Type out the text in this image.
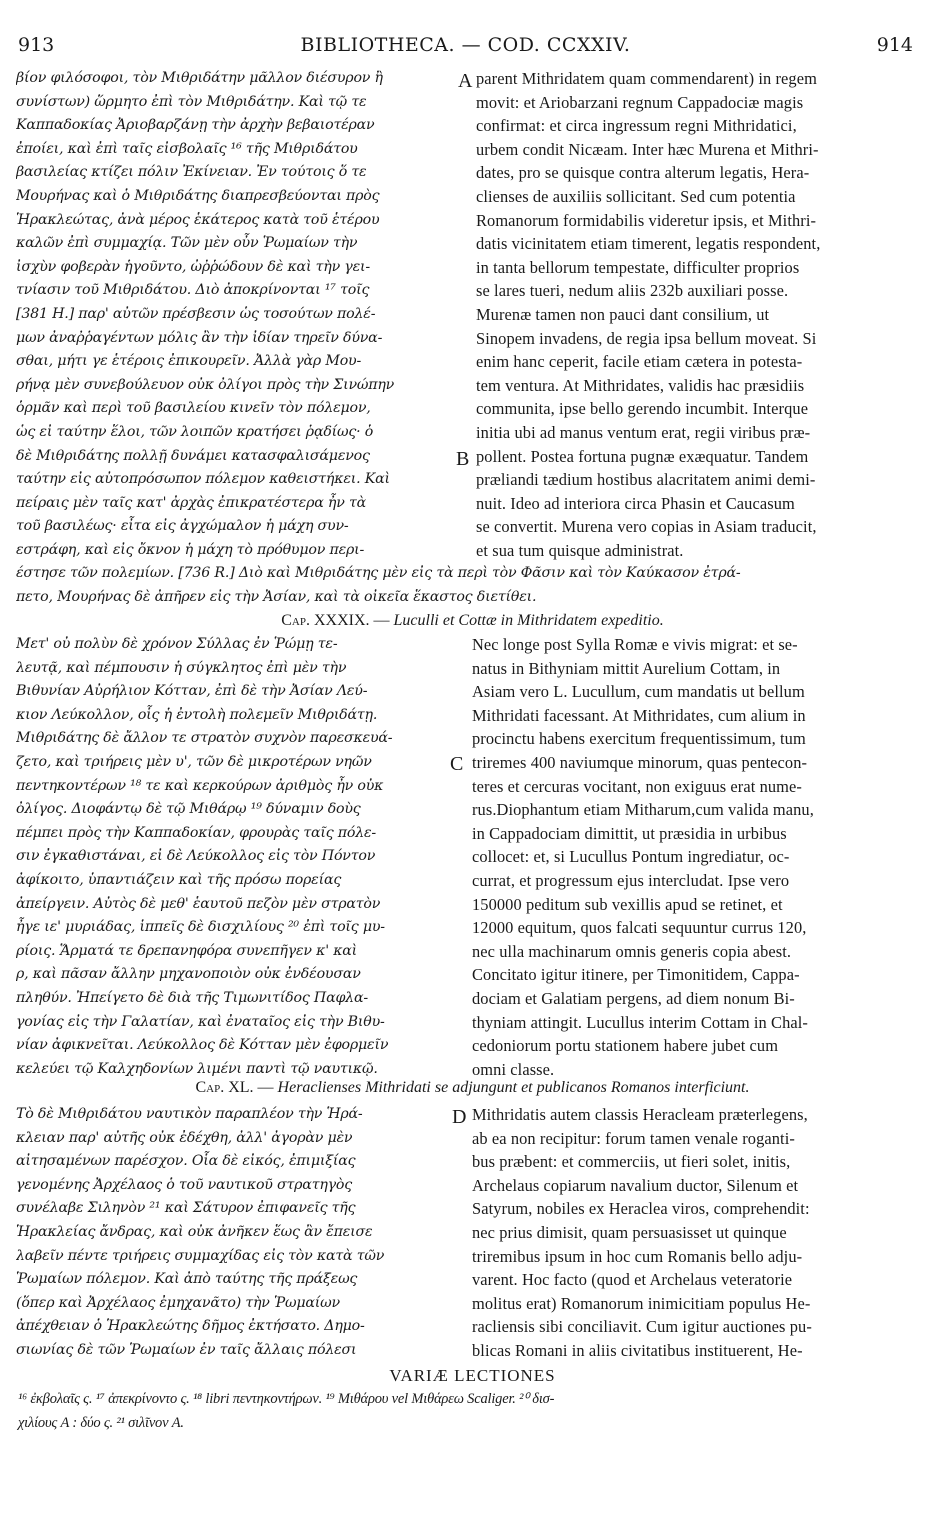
913	BIBLIOTHECA. — COD. CCXXIV.	914
βίον φιλόσοφοι, τὸν Μιθριδάτην μᾶλλον διέσυρον ἢ
συνίστων) ὥρμητο ἐπὶ τὸν Μιθριδάτην. Καὶ τῷ τε
Καππαδοκίας Ἀριοβαρζάνῃ τὴν ἀρχὴν βεβαιοτέραν
ἐποίει, καὶ ἐπὶ ταῖς εἰσβολαῖς ¹⁶ τῆς Μιθριδάτου
βασιλείας κτίζει πόλιν Ἐκίνειαν. Ἐν τούτοις ὅ τε
Μουρήνας καὶ ὁ Μιθριδάτης διαπρεσβεύονται πρὸς
Ἡρακλεώτας, ἀνὰ μέρος ἑκάτερος κατὰ τοῦ ἑτέρου
καλῶν ἐπὶ συμμαχίᾳ. Τῶν μὲν οὖν Ῥωμαίων τὴν
ἰσχὺν φοβερὰν ἡγοῦντο, ὠῤῥώδουν δὲ καὶ τὴν γει-
τνίασιν τοῦ Μιθριδάτου. Διὸ ἀποκρίνονται ¹⁷ τοῖς
[381 H.] παρ' αὐτῶν πρέσβεσιν ὡς τοσούτων πολέ-
μων ἀναῤῥαγέντων μόλις ἂν τὴν ἰδίαν τηρεῖν δύνα-
σθαι, μήτι γε ἑτέροις ἐπικουρεῖν. Ἀλλὰ γὰρ Μου-
ρήνᾳ μὲν συνεβούλευον οὐκ ὀλίγοι πρὸς τὴν Σινώπην
ὁρμᾶν καὶ περὶ τοῦ βασιλείου κινεῖν τὸν πόλεμον,
ὡς εἰ ταύτην ἕλοι, τῶν λοιπῶν κρατήσει ῥᾳδίως· ὁ
δὲ Μιθριδάτης πολλῇ δυνάμει κατασφαλισάμενος
ταύτην εἰς αὐτοπρόσωπον πόλεμον καθειστήκει. Καὶ
πείραις μὲν ταῖς κατ' ἀρχὰς ἐπικρατέστερα ἦν τὰ
τοῦ βασιλέως· εἶτα εἰς ἀγχώμαλον ἡ μάχη συν-
εστράφη, καὶ εἰς ὄκνον ἡ μάχη τὸ πρόθυμον περι-
έστησε τῶν πολεμίων. [736 R.] Διὸ καὶ Μιθριδάτης μὲν εἰς τὰ περὶ τὸν Φᾶσιν καὶ τὸν Καύκασον ἐτρά-
πετο, Μουρήνας δὲ ἀπῆρεν εἰς τὴν Ἀσίαν, καὶ τὰ οἰκεῖα ἕκαστος διετίθει.
parent Mithridatem quam commendarent) in regem
movit: et Ariobarzani regnum Cappadociæ magis
confirmat: et circa ingressum regni Mithridatici,
urbem condit Nicæam. Inter hæc Murena et Mithri-
dates, pro se quisque contra alterum legatis, Hera-
clienses de auxiliis sollicitant. Sed cum potentia
Romanorum formidabilis videretur ipsis, et Mithri-
datis vicinitatem etiam timerent, legatis respondent,
in tanta bellorum tempestate, difficulter proprios
se lares tueri, nedum aliis 232b auxiliari posse.
Murenæ tamen non pauci dant consilium, ut
Sinopem invadens, de regia ipsa bellum moveat. Si
enim hanc ceperit, facile etiam cætera in potesta-
tem ventura. At Mithridates, validis hac præsidiis
communita, ipse bello gerendo incumbit. Interque
initia ubi ad manus ventum erat, regii viribus præ-
pollent. Postea fortuna pugnæ exæquatur. Tandem
præliandi tædium hostibus alacritatem animi demi-
nuit. Ideo ad interiora circa Phasin et Caucasum
se convertit. Murena vero copias in Asiam traducit,
et sua tum quisque administrat.
A
B
Cap. XXXIX. — Luculli et Cottæ in Mithridatem expeditio.
Μετ' οὐ πολὺν δὲ χρόνον Σύλλας ἐν Ῥώμῃ τε-
λευτᾷ, καὶ πέμπουσιν ἡ σύγκλητος ἐπὶ μὲν τὴν
Βιθυνίαν Αὐρήλιον Κότταν, ἐπὶ δὲ τὴν Ἀσίαν Λεύ-
κιον Λεύκολλον, οἷς ἡ ἐντολὴ πολεμεῖν Μιθριδάτῃ.
Μιθριδάτης δὲ ἄλλον τε στρατὸν συχνὸν παρεσκευά-
ζετο, καὶ τριήρεις μὲν υ', τῶν δὲ μικροτέρων νηῶν
πεντηκοντέρων ¹⁸ τε καὶ κερκούρων ἀριθμὸς ἦν οὐκ
ὀλίγος. Διοφάντῳ δὲ τῷ Μιθάρῳ ¹⁹ δύναμιν δοὺς
πέμπει πρὸς τὴν Καππαδοκίαν, φρουρὰς ταῖς πόλε-
σιν ἐγκαθιστάναι, εἰ δὲ Λεύκολλος εἰς τὸν Πόντον
ἀφίκοιτο, ὑπαντιάζειν καὶ τῆς πρόσω πορείας
ἀπείργειν. Αὐτὸς δὲ μεθ' ἑαυτοῦ πεζὸν μὲν στρατὸν
ἦγε ιε' μυριάδας, ἱππεῖς δὲ δισχιλίους ²⁰ ἐπὶ τοῖς μυ-
ρίοις. Ἅρματά τε δρεπανηφόρα συνεπῆγεν κ' καὶ
ρ, καὶ πᾶσαν ἄλλην μηχανοποιὸν οὐκ ἐνδέουσαν
πληθύν. Ἠπείγετο δὲ διὰ τῆς Τιμωνιτίδος Παφλα-
γονίας εἰς τὴν Γαλατίαν, καὶ ἐναταῖος εἰς τὴν Βιθυ-
νίαν ἀφικνεῖται. Λεύκολλος δὲ Κότταν μὲν ἐφορμεῖν
κελεύει τῷ Καλχηδονίων λιμένι παντὶ τῷ ναυτικῷ.
Nec longe post Sylla Romæ e vivis migrat: et se-
natus in Bithyniam mittit Aurelium Cottam, in
Asiam vero L. Lucullum, cum mandatis ut bellum
Mithridati facessant. At Mithridates, cum alium in
procinctu habens exercitum frequentissimum, tum
triremes 400 naviumque minorum, quas pentecon-
teres et cercuras vocitant, non exiguus erat nume-
rus.Diophantum etiam Mitharum,cum valida manu,
in Cappadociam dimittit, ut præsidia in urbibus
collocet: et, si Lucullus Pontum ingrediatur, oc-
currat, et progressum ejus intercludat. Ipse vero
150000 peditum sub vexillis apud se retinet, et
12000 equitum, quos falcati sequuntur currus 120,
nec ulla machinarum omnis generis copia abest.
Concitato igitur itinere, per Timonitidem, Cappa-
dociam et Galatiam pergens, ad diem nonum Bi-
thyniam attingit. Lucullus interim Cottam in Chal-
cedoniorum portu stationem habere jubet cum
omni classe.
C
Cap. XL. — Heraclienses Mithridati se adjungunt et publicanos Romanos interficiunt.
Τὸ δὲ Μιθριδάτου ναυτικὸν παραπλέον τὴν Ἡρά-
κλειαν παρ' αὐτῆς οὐκ ἐδέχθη, ἀλλ' ἀγορὰν μὲν
αἰτησαμένων παρέσχον. Οἷα δὲ εἰκός, ἐπιμιξίας
γενομένης Ἀρχέλαος ὁ τοῦ ναυτικοῦ στρατηγὸς
συνέλαβε Σιληνὸν ²¹ καὶ Σάτυρον ἐπιφανεῖς τῆς
Ἡρακλείας ἄνδρας, καὶ οὐκ ἀνῆκεν ἕως ἂν ἔπεισε
λαβεῖν πέντε τριήρεις συμμαχίδας εἰς τὸν κατὰ τῶν
Ῥωμαίων πόλεμον. Καὶ ἀπὸ ταύτης τῆς πράξεως
(ὅπερ καὶ Ἀρχέλαος ἐμηχανᾶτο) τὴν Ῥωμαίων
ἀπέχθειαν ὁ Ἡρακλεώτης δῆμος ἐκτήσατο. Δημο-
σιωνίας δὲ τῶν Ῥωμαίων ἐν ταῖς ἄλλαις πόλεσι
Mithridatis autem classis Heracleam præterlegens,
ab ea non recipitur: forum tamen venale roganti-
bus præbent: et commerciis, ut fieri solet, initis,
Archelaus copiarum navalium ductor, Silenum et
Satyrum, nobiles ex Heraclea viros, comprehendit:
nec prius dimisit, quam persuasisset ut quinque
triremibus ipsum in hoc cum Romanis bello adju-
varent. Hoc facto (quod et Archelaus veteratorie
molitus erat) Romanorum inimicitiam populus He-
racliensis sibi conciliavit. Cum igitur auctiones pu-
blicas Romani in aliis civitatibus instituerent, He-
D
VARIÆ LECTIONES
¹⁶ ἐκβολαῖς ς. ¹⁷ ἀπεκρίνοντο ς. ¹⁸ libri πεντηκοντήρων. ¹⁹ Μιθάρου vel Μιθάρεω Scaliger. ²⁰ δισ-
χιλίους A : δύο ς. ²¹ σιλῖνον A.
